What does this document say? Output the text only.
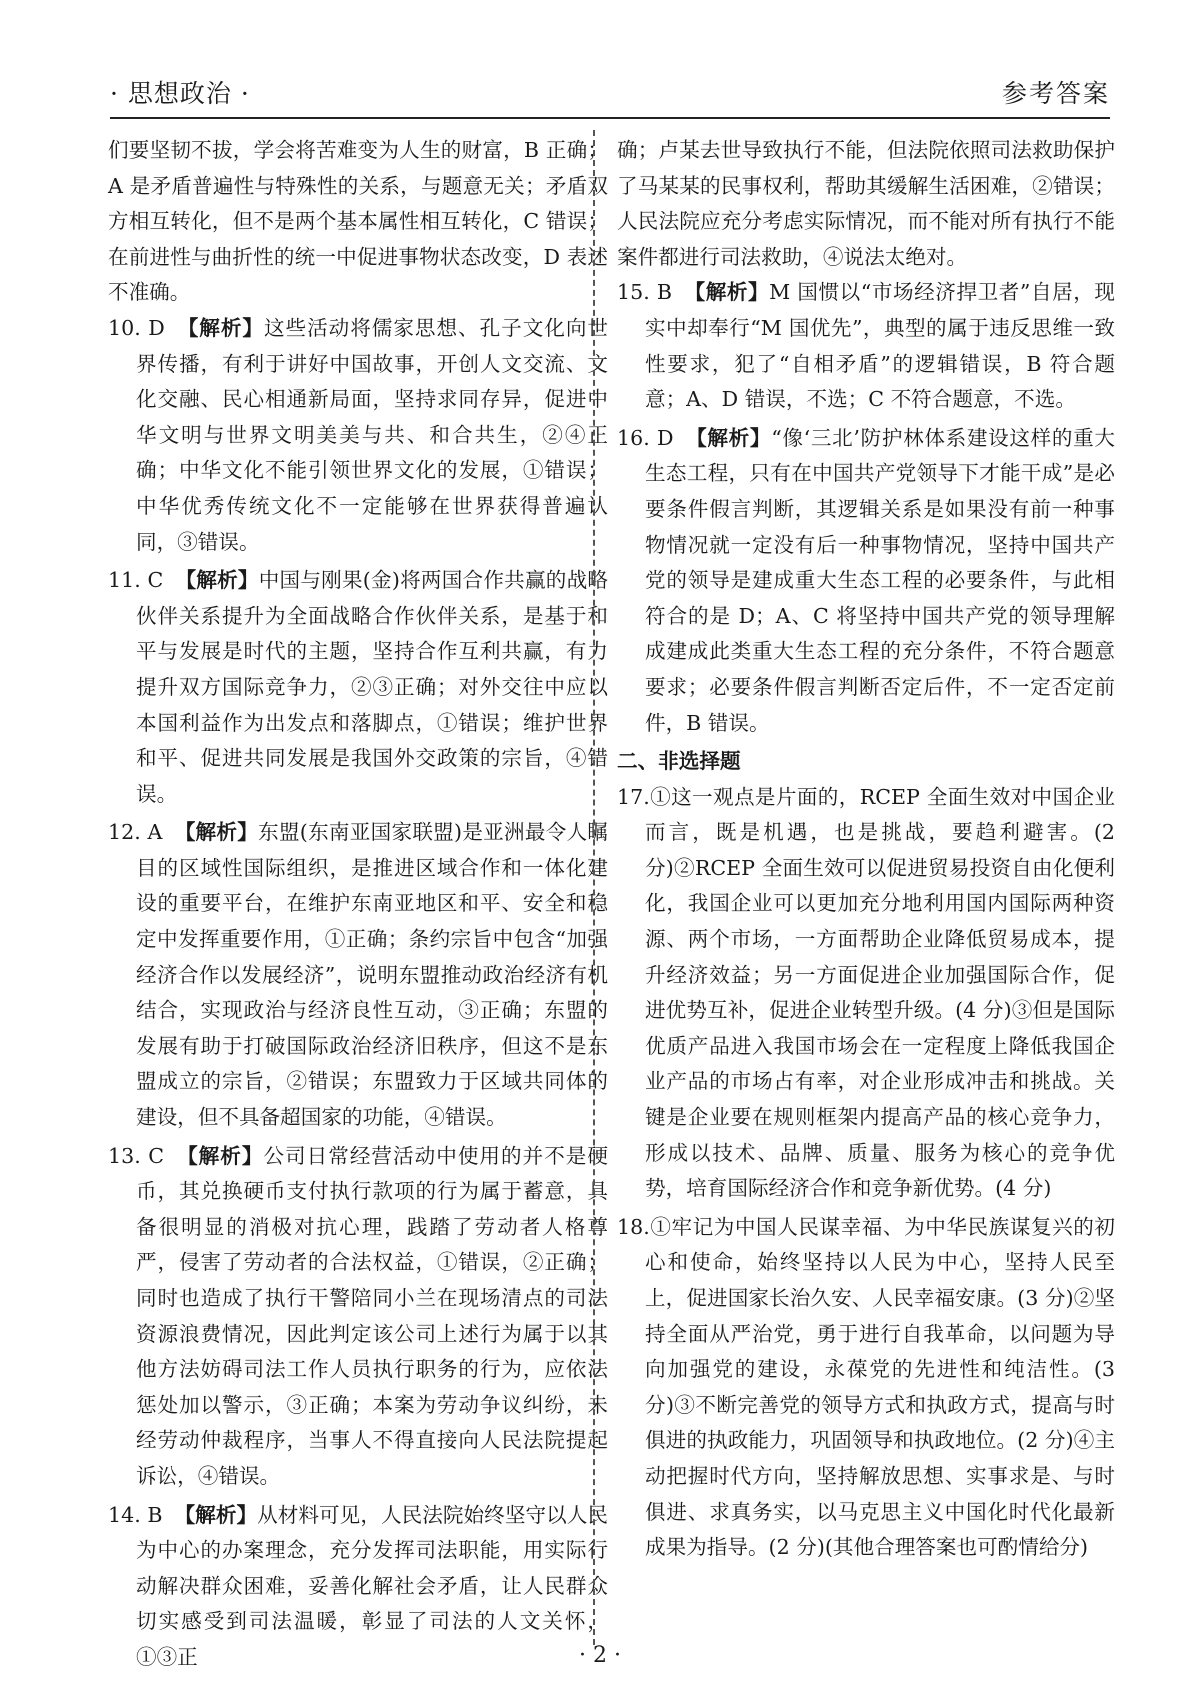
· 思想政治 ·	参考答案

们要坚韧不拔，学会将苦难变为人生的财富，B 正确；A 是矛盾普遍性与特殊性的关系，与题意无关；矛盾双方相互转化，但不是两个基本属性相互转化，C 错误；在前进性与曲折性的统一中促进事物状态改变，D 表述不准确。

10. D 【解析】这些活动将儒家思想、孔子文化向世界传播，有利于讲好中国故事，开创人文交流、文化交融、民心相通新局面，坚持求同存异，促进中华文明与世界文明美美与共、和合共生，②④正确；中华文化不能引领世界文化的发展，①错误；中华优秀传统文化不一定能够在世界获得普遍认同，③错误。

11. C 【解析】中国与刚果(金)将两国合作共赢的战略伙伴关系提升为全面战略合作伙伴关系，是基于和平与发展是时代的主题，坚持合作互利共赢，有力提升双方国际竞争力，②③正确；对外交往中应以本国利益作为出发点和落脚点，①错误；维护世界和平、促进共同发展是我国外交政策的宗旨，④错误。

12. A 【解析】东盟(东南亚国家联盟)是亚洲最令人瞩目的区域性国际组织，是推进区域合作和一体化建设的重要平台，在维护东南亚地区和平、安全和稳定中发挥重要作用，①正确；条约宗旨中包含“加强经济合作以发展经济”，说明东盟推动政治经济有机结合，实现政治与经济良性互动，③正确；东盟的发展有助于打破国际政治经济旧秩序，但这不是东盟成立的宗旨，②错误；东盟致力于区域共同体的建设，但不具备超国家的功能，④错误。

13. C 【解析】公司日常经营活动中使用的并不是硬币，其兑换硬币支付执行款项的行为属于蓄意，具备很明显的消极对抗心理，践踏了劳动者人格尊严，侵害了劳动者的合法权益，①错误，②正确；同时也造成了执行干警陪同小兰在现场清点的司法资源浪费情况，因此判定该公司上述行为属于以其他方法妨碍司法工作人员执行职务的行为，应依法惩处加以警示，③正确；本案为劳动争议纠纷，未经劳动仲裁程序，当事人不得直接向人民法院提起诉讼，④错误。

14. B 【解析】从材料可见，人民法院始终坚守以人民为中心的办案理念，充分发挥司法职能，用实际行动解决群众困难，妥善化解社会矛盾，让人民群众切实感受到司法温暖，彰显了司法的人文关怀，①③正

确；卢某去世导致执行不能，但法院依照司法救助保护了马某某的民事权利，帮助其缓解生活困难，②错误；人民法院应充分考虑实际情况，而不能对所有执行不能案件都进行司法救助，④说法太绝对。

15. B 【解析】M 国惯以“市场经济捍卫者”自居，现实中却奉行“M 国优先”，典型的属于违反思维一致性要求，犯了“自相矛盾”的逻辑错误，B 符合题意；A、D 错误，不选；C 不符合题意，不选。

16. D 【解析】“像‘三北’防护林体系建设这样的重大生态工程，只有在中国共产党领导下才能干成”是必要条件假言判断，其逻辑关系是如果没有前一种事物情况就一定没有后一种事物情况，坚持中国共产党的领导是建成重大生态工程的必要条件，与此相符合的是 D；A、C 将坚持中国共产党的领导理解成建成此类重大生态工程的充分条件，不符合题意要求；必要条件假言判断否定后件，不一定否定前件，B 错误。

二、非选择题

17.①这一观点是片面的，RCEP 全面生效对中国企业而言，既是机遇，也是挑战，要趋利避害。(2 分)②RCEP 全面生效可以促进贸易投资自由化便利化，我国企业可以更加充分地利用国内国际两种资源、两个市场，一方面帮助企业降低贸易成本，提升经济效益；另一方面促进企业加强国际合作，促进优势互补，促进企业转型升级。(4 分)③但是国际优质产品进入我国市场会在一定程度上降低我国企业产品的市场占有率，对企业形成冲击和挑战。关键是企业要在规则框架内提高产品的核心竞争力，形成以技术、品牌、质量、服务为核心的竞争优势，培育国际经济合作和竞争新优势。(4 分)

18.①牢记为中国人民谋幸福、为中华民族谋复兴的初心和使命，始终坚持以人民为中心，坚持人民至上，促进国家长治久安、人民幸福安康。(3 分)②坚持全面从严治党，勇于进行自我革命，以问题为导向加强党的建设，永葆党的先进性和纯洁性。(3 分)③不断完善党的领导方式和执政方式，提高与时俱进的执政能力，巩固领导和执政地位。(2 分)④主动把握时代方向，坚持解放思想、实事求是、与时俱进、求真务实，以马克思主义中国化时代化最新成果为指导。(2 分)(其他合理答案也可酌情给分)

· 2 ·
